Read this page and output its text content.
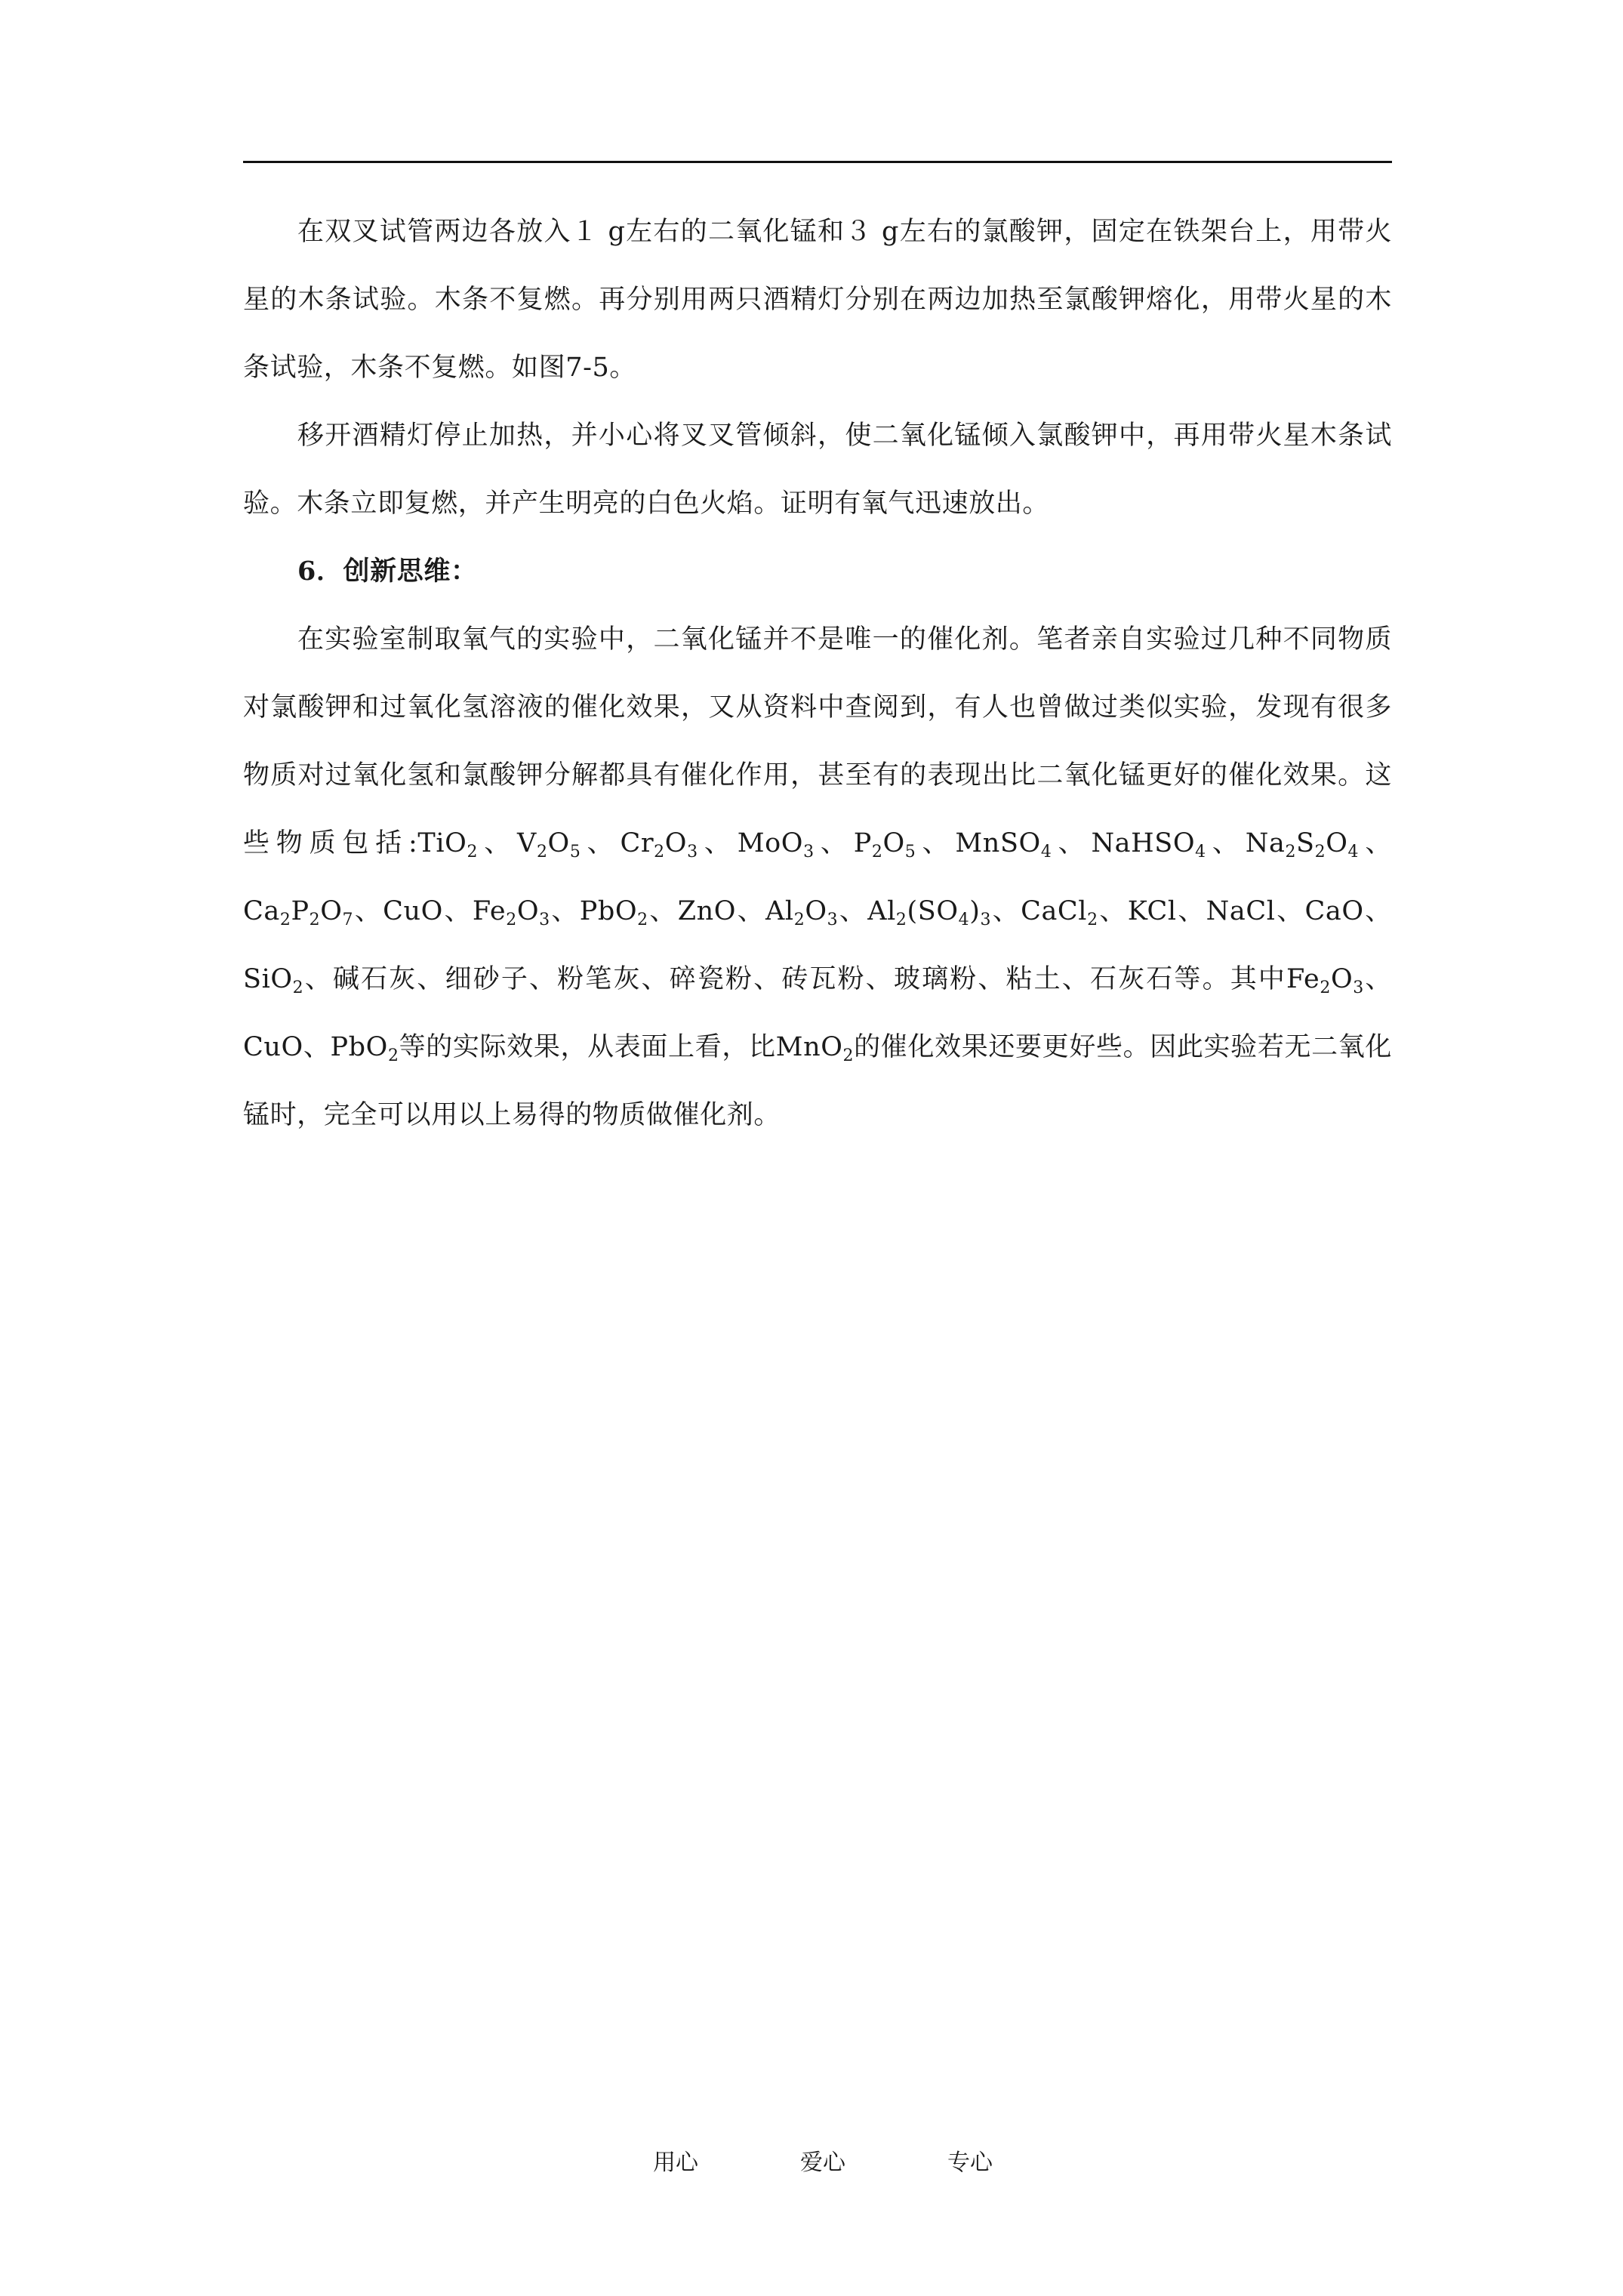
在双叉试管两边各放入１ g左右的二氧化锰和３ g左右的氯酸钾，固定在铁架台上，用带火星的木条试验。木条不复燃。再分别用两只酒精灯分别在两边加热至氯酸钾熔化，用带火星的木条试验，木条不复燃。如图7-5。

移开酒精灯停止加热，并小心将叉叉管倾斜，使二氧化锰倾入氯酸钾中，再用带火星木条试验。木条立即复燃，并产生明亮的白色火焰。证明有氧气迅速放出。

6．创新思维：

在实验室制取氧气的实验中，二氧化锰并不是唯一的催化剂。笔者亲自实验过几种不同物质对氯酸钾和过氧化氢溶液的催化效果，又从资料中查阅到，有人也曾做过类似实验，发现有很多物质对过氧化氢和氯酸钾分解都具有催化作用，甚至有的表现出比二氧化锰更好的催化效果。这些物质包括:TiO$_2$、$V_2O_5$、$Cr_2O_3$、MoO$_3$、$P_2O_5$、MnSO$_4$、NaHSO$_4$、$Na_2S_2O_4$、$Ca_2P_2O_7$、CuO、$Fe_2O_3$、PbO$_2$、ZnO、$Al_2O_3$、$Al_2(SO_4)_3$、CaCl$_2$、KCl、NaCl、CaO、SiO$_2$、碱石灰、细砂子、粉笔灰、碎瓷粉、砖瓦粉、玻璃粉、粘土、石灰石等。其中$Fe_2O_3$、CuO、PbO$_2$等的实际效果，从表面上看，比MnO$_2$的催化效果还要更好些。因此实验若无二氧化锰时，完全可以用以上易得的物质做催化剂。

用心	爱心	专心
